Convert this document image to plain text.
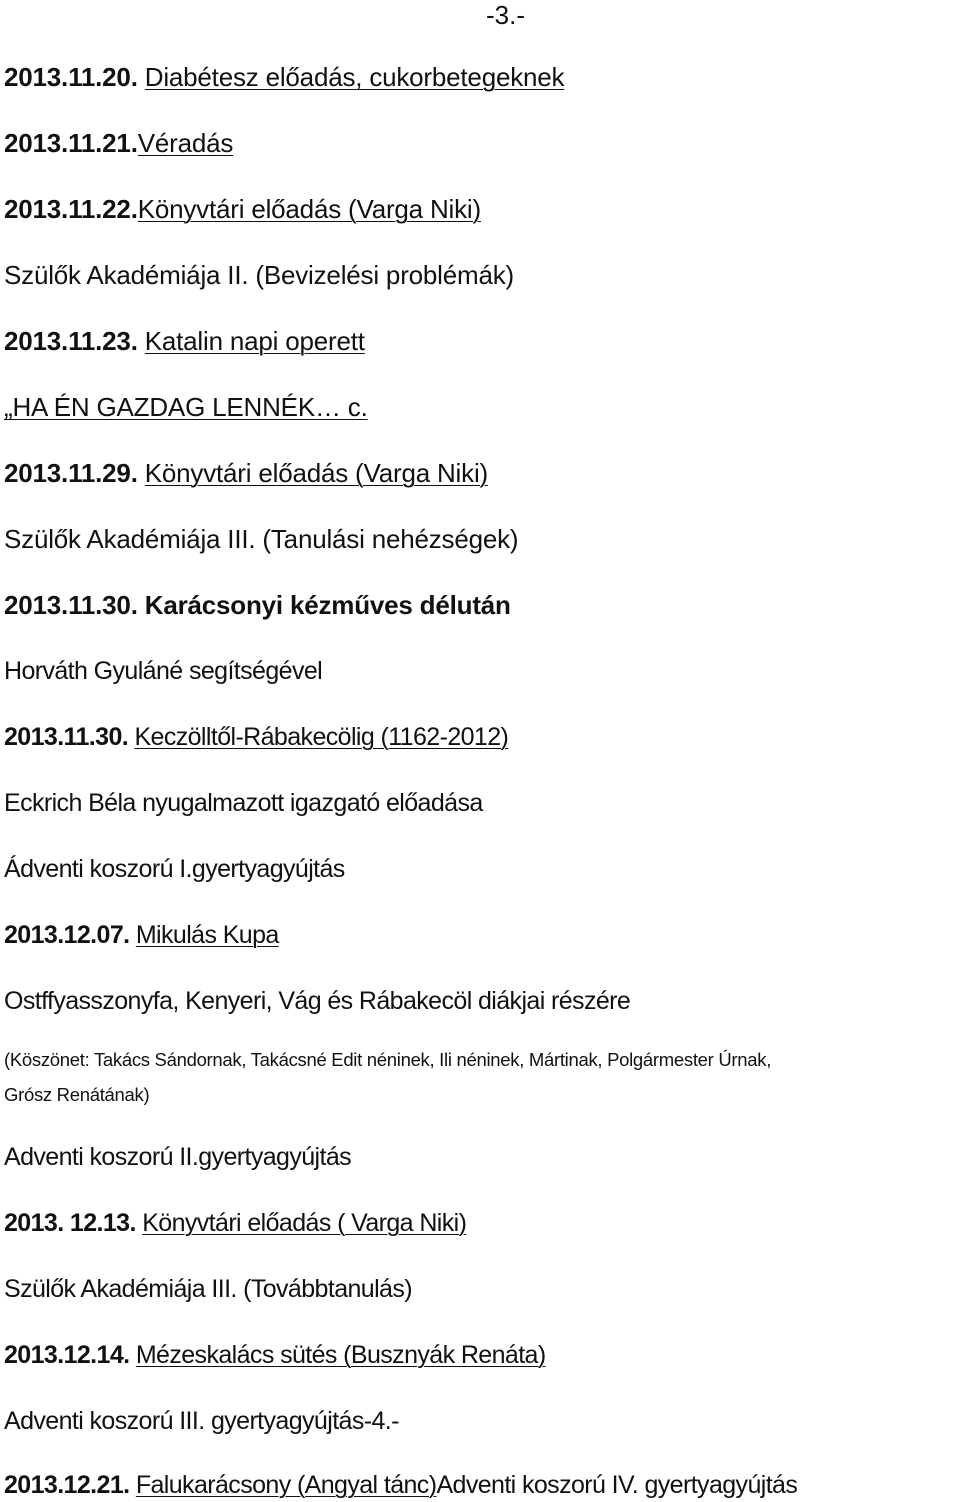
-3.-
2013.11.20. Diabétesz előadás, cukorbetegeknek
2013.11.21.Véradás
2013.11.22.Könyvtári előadás (Varga Niki)
Szülők Akadémiája II. (Bevizelési problémák)
2013.11.23. Katalin napi operett
„HA ÉN GAZDAG LENNÉK… c.
2013.11.29. Könyvtári előadás (Varga Niki)
Szülők Akadémiája III. (Tanulási nehézségek)
2013.11.30. Karácsonyi kézműves délután
Horváth Gyuláné segítségével
2013.11.30. Keczölltől-Rábakecölig (1162-2012)
Eckrich Béla nyugalmazott igazgató előadása
Ádventi koszorú I.gyertyagyújtás
2013.12.07. Mikulás Kupa
Ostffyasszonyfa, Kenyeri, Vág és Rábakecöl diákjai részére
(Köszönet: Takács Sándornak, Takácsné Edit néninek, Ili néninek, Mártinak, Polgármester Úrnak,
Grósz Renátának)
Adventi koszorú II.gyertyagyújtás
2013. 12.13. Könyvtári előadás ( Varga Niki)
Szülők Akadémiája III. (Továbbtanulás)
2013.12.14. Mézeskalács sütés (Busznyák Renáta)
Adventi koszorú III. gyertyagyújtás-4.-
2013.12.21. Falukarácsony (Angyal tánc)Adventi koszorú IV. gyertyagyújtás
